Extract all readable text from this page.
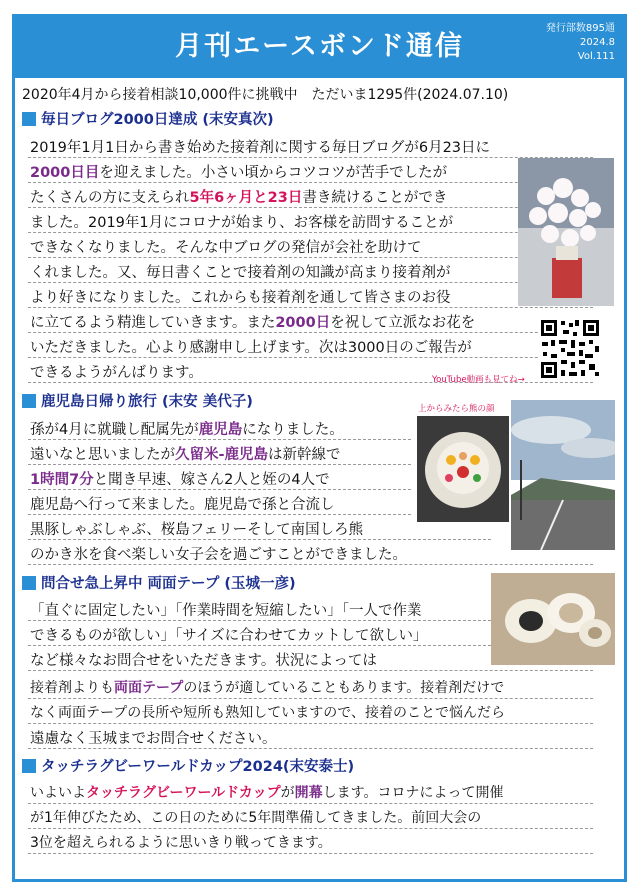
月刊エースボンド通信
発行部数895通
2024.8
Vol.111
2020年4月から接着相談10,000件に挑戦中　ただいま1295件(2024.07.10)
毎日ブログ2000日達成 (末安真次)
2019年1月1日から書き始めた接着剤に関する毎日ブログが6月23日に
2000日目を迎えました。小さい頃からコツコツが苦手でしたが
たくさんの方に支えられ5年6ヶ月と23日書き続けることができ
ました。2019年1月にコロナが始まり、お客様を訪問することが
できなくなりました。そんな中ブログの発信が会社を助けて
くれました。又、毎日書くことで接着剤の知識が高まり接着剤が
より好きになりました。これからも接着剤を通して皆さまのお役
に立てるよう精進していきます。また2000日を祝して立派なお花を
いただきました。心より感謝申し上げます。次は3000日のご報告が
できるようがんばります。	YouTube動画も見てね→
鹿児島日帰り旅行 (末安 美代子)
孫が4月に就職し配属先が鹿児島になりました。
遠いなと思いましたが久留米-鹿児島は新幹線で
1時間7分と聞き早速、嫁さん2人と姪の4人で
鹿児島へ行って来ました。鹿児島で孫と合流し
黒豚しゃぶしゃぶ、桜島フェリーそして南国しろ熊
のかき氷を食べ楽しい女子会を過ごすことができました。
上からみたら熊の顔
問合せ急上昇中 両面テープ (玉城一彦)
「直ぐに固定したい」「作業時間を短縮したい」「一人で作業
できるものが欲しい」「サイズに合わせてカットして欲しい」
など様々なお問合せをいただきます。状況によっては
接着剤よりも両面テープのほうが適していることもあります。接着剤だけで
なく両面テープの長所や短所も熟知していますので、接着のことで悩んだら
遠慮なく玉城までお問合せください。
タッチラグビーワールドカップ2024(末安泰士)
いよいよタッチラグビーワールドカップが開幕します。コロナによって開催
が1年伸びたため、この日のために5年間準備してきました。前回大会の
3位を超えられるように思いきり戦ってきます。
